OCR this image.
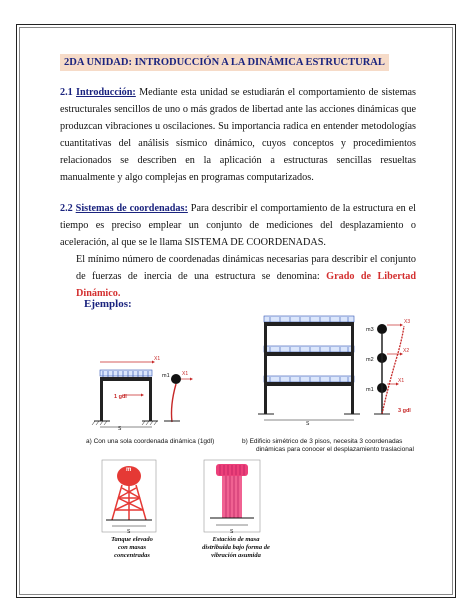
2DA UNIDAD: INTRODUCCIÓN A LA DINÁMICA ESTRUCTURAL
2.1 Introducción: Mediante esta unidad se estudiarán el comportamiento de sistemas estructurales sencillos de uno o más grados de libertad ante las acciones dinámicas que produzcan vibraciones u oscilaciones. Su importancia radica en entender metodologías cuantitativas del análisis sísmico dinámico, cuyos conceptos y procedimientos relacionados se describen en la aplicación a estructuras sencillas resueltas manualmente y algo complejas en programas computarizados.
2.2 Sistemas de coordenadas: Para describir el comportamiento de la estructura en el tiempo es preciso emplear un conjunto de mediciones del desplazamiento o aceleración, al que se le llama SISTEMA DE COORDENADAS.
El mínimo número de coordenadas dinámicas necesarias para describir el conjunto de fuerzas de inercia de una estructura se denomina: Grado de Libertad Dinámico.
Ejemplos:
1 gdl
X1
S
m1 X1
S
m3
m2
m1
X3
X2
X1
3 gdl
a) Con una sola coordenada dinámica (1gdl)	b) Edificio simétrico de 3 pisos, necesita 3 coordenadas
dinámicas para conocer el desplazamiento traslacional
m
S
Tanque elevado
con masas
concentradas
S
Estación de masa
distribuida bajo forma de
vibración asumida
